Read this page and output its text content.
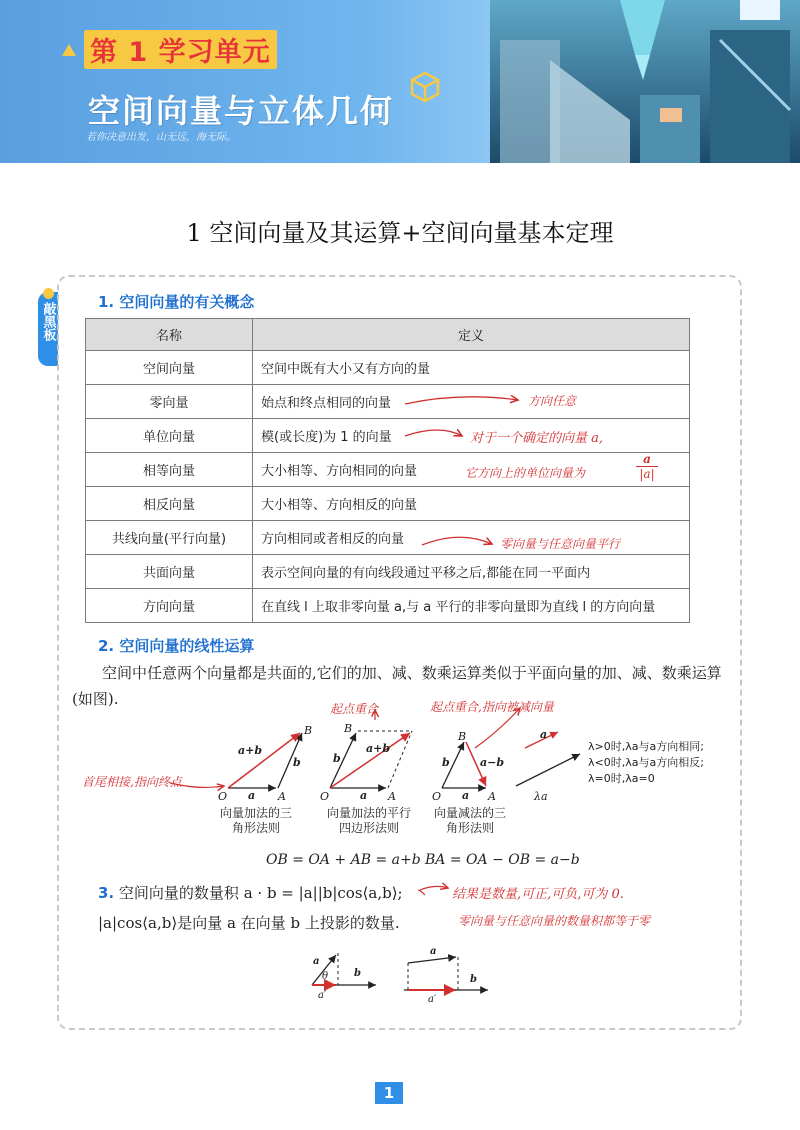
第 1 学习单元
空间向量与立体几何
若你决意出发，山无远，海无际。
1 空间向量及其运算+空间向量基本定理
敲黑板	1. 空间向量的有关概念
名称	定义
空间向量	空间中既有大小又有方向的量
零向量	始点和终点相同的向量
单位向量	模(或长度)为 1 的向量
相等向量	大小相等、方向相同的向量
相反向量	大小相等、方向相反的向量
共线向量(平行向量)	方向相同或者相反的向量
共面向量	表示空间向量的有向线段通过平移之后,都能在同一平面内
方向向量	在直线 l 上取非零向量 a,与 a 平行的非零向量即为直线 l 的方向向量
方向任意
对于一个确定的向量 a,
它方向上的单位向量为	$\frac{a}{|a|}$
零向量与任意向量平行
2. 空间向量的线性运算
空间中任意两个向量都是共面的,它们的加、减、数乘运算类似于平面向量的加、减、数乘运算(如图).
起点重合	起点重合,指向被减向量
首尾相接,指向终点
O	A
B
a
b
a+b
O	A
B
a
b
a+b
O	A
B
a
b	a−b
a
λa
λ>0时,λa与a方向相同;
λ<0时,λa与a方向相反;
λ=0时,λa=0
向量加法的三角形法则
向量加法的平行四边形法则
向量减法的三角形法则
OB = OA + AB = a+b BA = OA − OB = a−b
3. 空间向量的数量积 a · b = |a||b|cos⟨a,b⟩;	结果是数量,可正,可负,可为 0.
|a|cos⟨a,b⟩是向量 a 在向量 b 上投影的数量.	零向量与任意向量的数量积都等于零
a
θ	b
a′
a
b
a′
1
